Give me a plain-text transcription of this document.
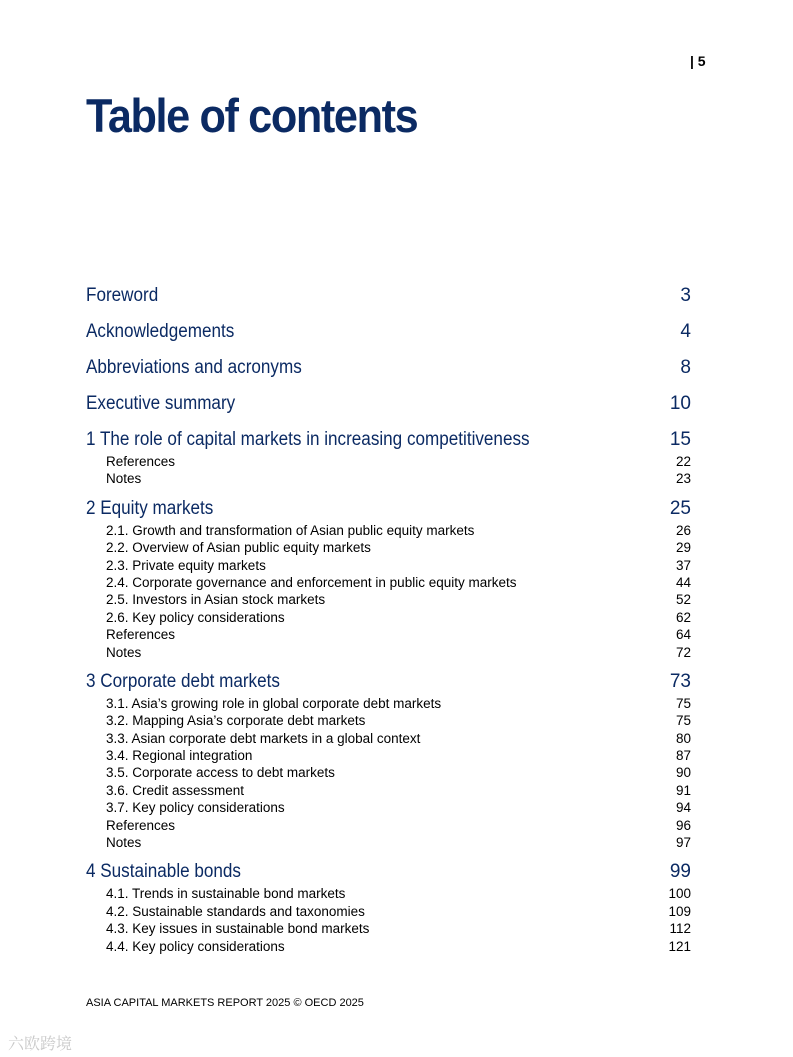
| 5
Table of contents
Foreword	3
Acknowledgements	4
Abbreviations and acronyms	8
Executive summary	10
1 The role of capital markets in increasing competitiveness	15
References	22
Notes	23
2 Equity markets	25
2.1. Growth and transformation of Asian public equity markets	26
2.2. Overview of Asian public equity markets	29
2.3. Private equity markets	37
2.4. Corporate governance and enforcement in public equity markets	44
2.5. Investors in Asian stock markets	52
2.6. Key policy considerations	62
References	64
Notes	72
3 Corporate debt markets	73
3.1. Asia’s growing role in global corporate debt markets	75
3.2. Mapping Asia’s corporate debt markets	75
3.3. Asian corporate debt markets in a global context	80
3.4. Regional integration	87
3.5. Corporate access to debt markets	90
3.6. Credit assessment	91
3.7. Key policy considerations	94
References	96
Notes	97
4 Sustainable bonds	99
4.1. Trends in sustainable bond markets	100
4.2. Sustainable standards and taxonomies	109
4.3. Key issues in sustainable bond markets	112
4.4. Key policy considerations	121
ASIA CAPITAL MARKETS REPORT 2025 © OECD 2025
六欧跨境
